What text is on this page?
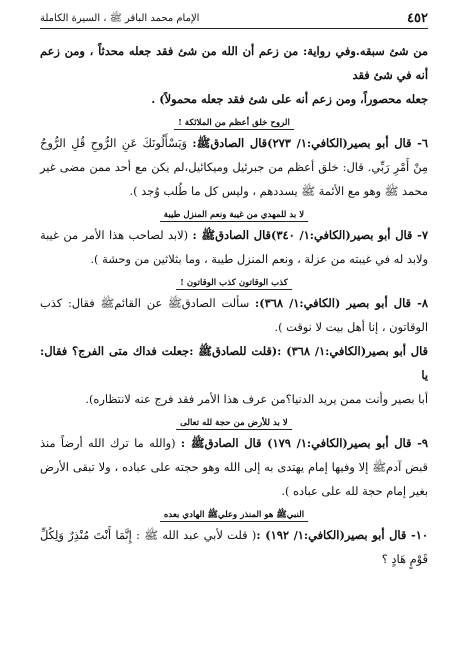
٤٥٢
الإمام محمد الباقر ﷺ ، السيرة الكاملة

من شئ سبقه.وفي رواية: من زعم أن الله من شئ فقد جعله محدثاً ، ومن زعم أنه في شئ فقد
جعله محصوراً، ومن زعم أنه على شئ فقد جعله محمولاً) .

الروح خلق أعظم من الملائكة !

٦- قال أبو بصير(الكافي:١/ ٢٧٣)قال الصادقﷺ: وَيَسْأَلُونَكَ عَنِ الرُّوحِ قُلِ الرُّوحُ مِنْ أَمْرِ رَبِّي. قال: خلق أعظم من جبرئيل وميكائيل،لم يكن مع أحد ممن مضى غير محمد ﷺ وهو مع الأئمة ﷺ يسددهم ، وليس كل ما طُلب وُجد ).

لا بد للمهدي من غيبة ونعم المنزل طيبة

٧- قال أبو بصير(الكافي:١/ ٣٤٠)قال الصادقﷺ : (لابد لصاحب هذا الأمر من غيبة ولابد له في غيبته من عزلة ، ونعم المنزل طيبة ، وما بثلاثين من وحشة ).

كذب الوقاتون كذب الوقاتون !

٨- قال أبو بصير (الكافي:١/ ٣٦٨): سألت الصادقﷺ عن القائمﷺ فقال: كذب الوقاتون ، إنا أهل بيت لا نوقت ).

قال أبو بصير(الكافي:١/ ٣٦٨) :(قلت للصادقﷺ :جعلت فداك متى الفرج؟ فقال: يا
أبا بصير وأنت ممن يريد الدنيا؟من عرف هذا الأمر فقد فرج عنه لانتظاره).

لا بد للأرض من حجة لله تعالى

٩- قال أبو بصير(الكافي:١/ ١٧٩) قال الصادقﷺ : (والله ما ترك الله أرضاً منذ قبض آدمﷺ إلا وفيها إمام يهتدى به إلى الله وهو حجته على عباده ، ولا تبقى الأرض بغير إمام حجة لله على عباده ).

النبيﷺ هو المنذر وعليﷺ الهادي بعده

١٠- قال أبو بصير(الكافي:١/ ١٩٢) :( قلت لأبي عبد الله ﷺ : إِنَّمَا أَنْتَ مُنْذِرٌ وَلِكُلِّ قَوْمٍ هَادٍ ؟
